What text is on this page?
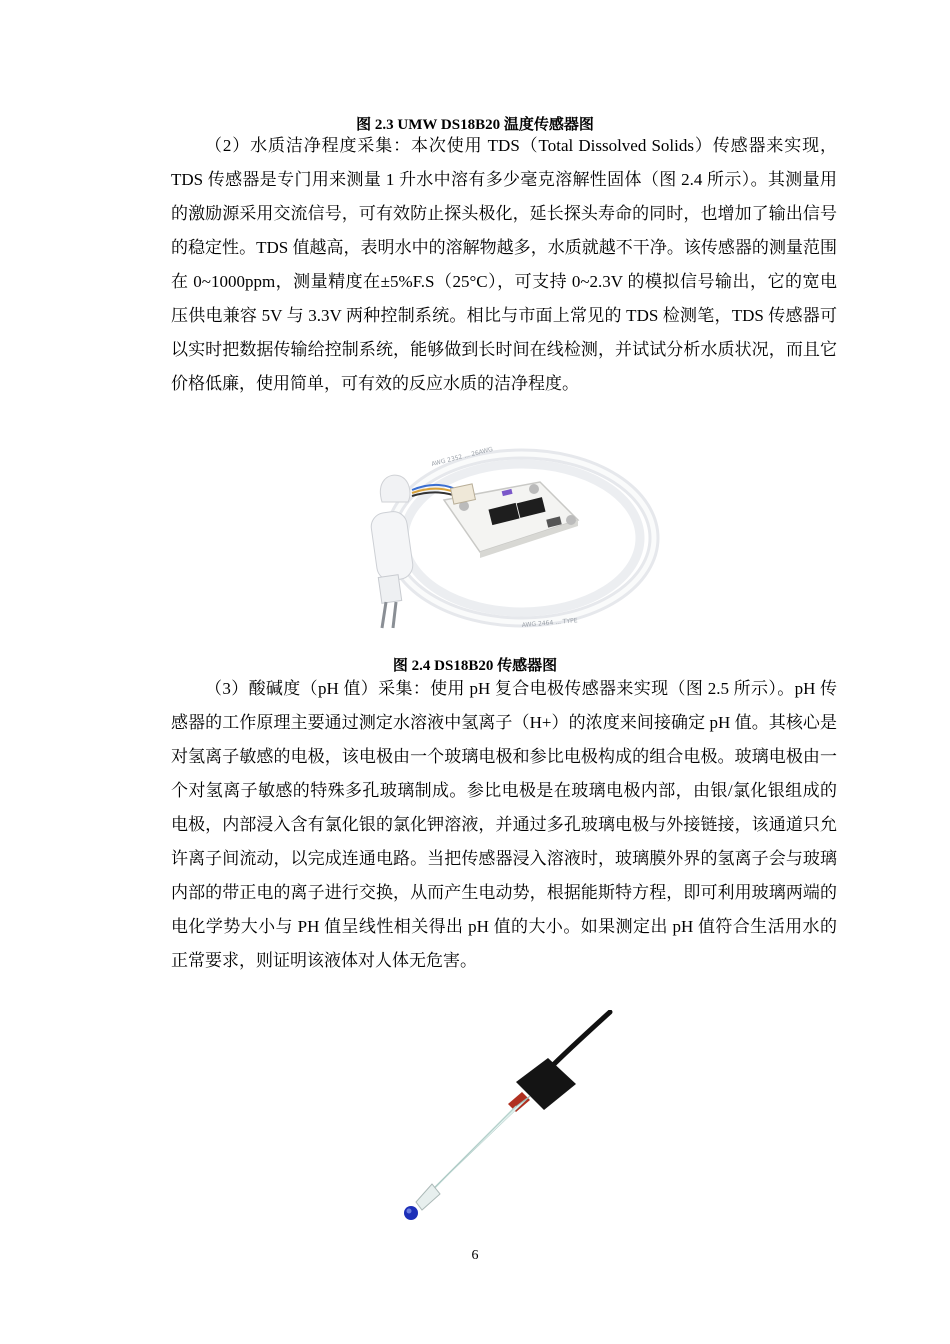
图 2.3 UMW DS18B20 温度传感器图

（2）水质洁净程度采集：本次使用 TDS（Total Dissolved Solids）传感器来实现，TDS 传感器是专门用来测量 1 升水中溶有多少毫克溶解性固体（图 2.4 所示）。其测量用的激励源采用交流信号，可有效防止探头极化，延长探头寿命的同时，也增加了输出信号的稳定性。TDS 值越高，表明水中的溶解物越多，水质就越不干净。该传感器的测量范围在 0~1000ppm，测量精度在±5%F.S（25°C），可支持 0~2.3V 的模拟信号输出，它的宽电压供电兼容 5V 与 3.3V 两种控制系统。相比与市面上常见的 TDS 检测笔，TDS 传感器可以实时把数据传输给控制系统，能够做到长时间在线检测，并试试分析水质状况，而且它价格低廉，使用简单，可有效的反应水质的洁净程度。

AWG 2352 ... 26AWG
AWG 2464 ... TYPE
图 2.4 DS18B20 传感器图

（3）酸碱度（pH 值）采集：使用 pH 复合电极传感器来实现（图 2.5 所示）。pH 传感器的工作原理主要通过测定水溶液中氢离子（H+）的浓度来间接确定 pH 值。其核心是对氢离子敏感的电极，该电极由一个玻璃电极和参比电极构成的组合电极。玻璃电极由一个对氢离子敏感的特殊多孔玻璃制成。参比电极是在玻璃电极内部，由银/氯化银组成的电极，内部浸入含有氯化银的氯化钾溶液，并通过多孔玻璃电极与外接链接，该通道只允许离子间流动，以完成连通电路。当把传感器浸入溶液时，玻璃膜外界的氢离子会与玻璃内部的带正电的离子进行交换，从而产生电动势，根据能斯特方程，即可利用玻璃两端的电化学势大小与 PH 值呈线性相关得出 pH 值的大小。如果测定出 pH 值符合生活用水的正常要求，则证明该液体对人体无危害。

6
